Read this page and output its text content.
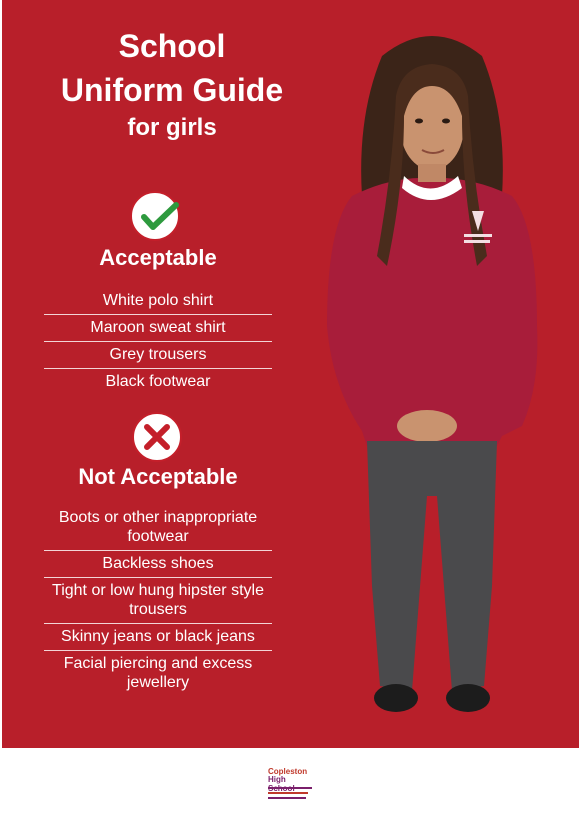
School
Uniform Guide
for girls
Acceptable
White polo shirt
Maroon sweat shirt
Grey trousers
Black footwear
Not Acceptable
Boots or other inappropriate footwear
Backless shoes
Tight or low hung hipster style trousers
Skinny jeans or black jeans
Facial piercing and excess jewellery
Copleston
High
